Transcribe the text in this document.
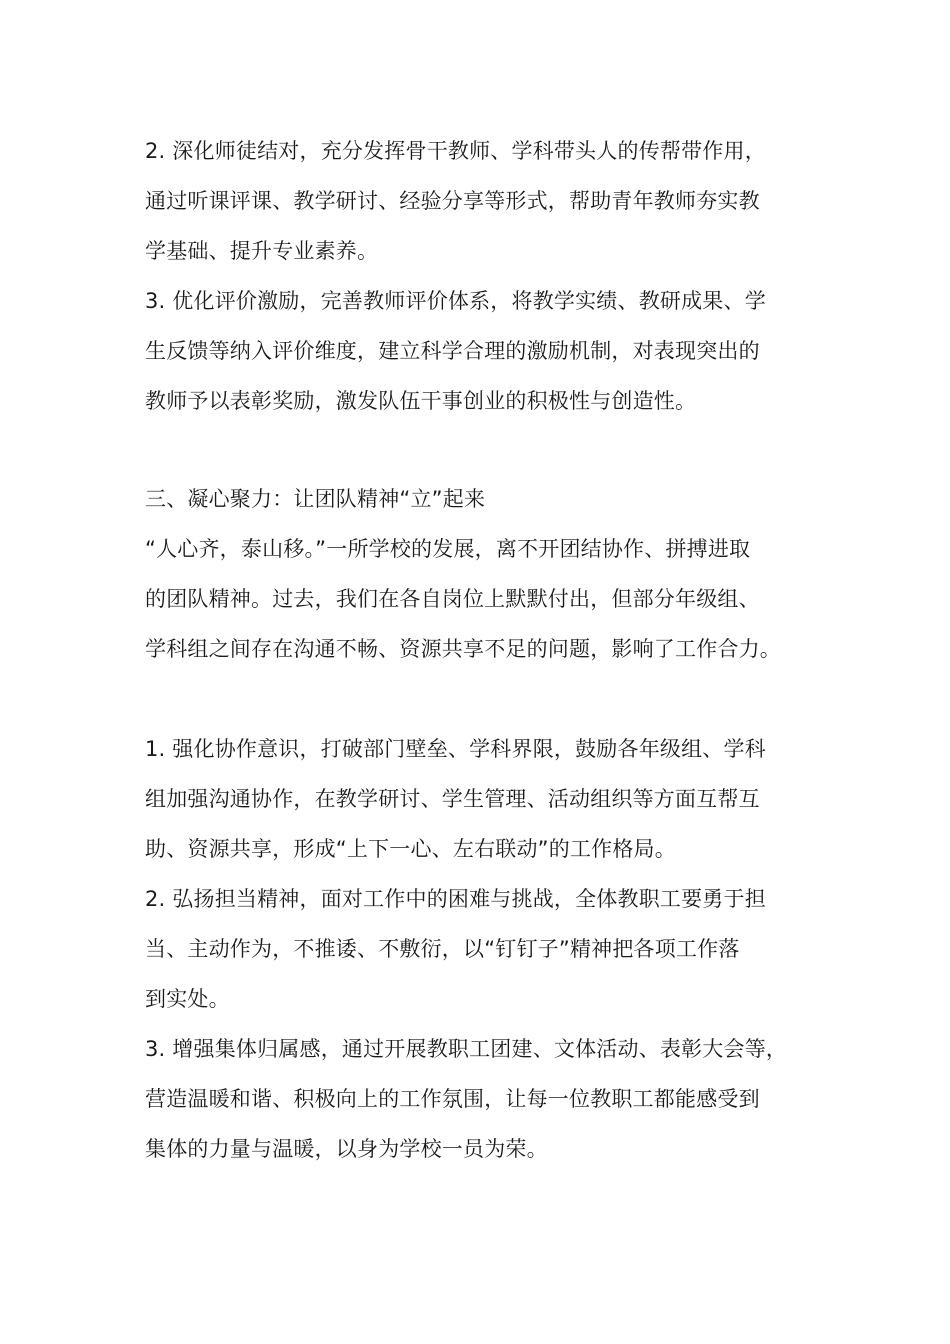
2. 深化师徒结对，充分发挥骨干教师、学科带头人的传帮带作用，
通过听课评课、教学研讨、经验分享等形式，帮助青年教师夯实教
学基础、提升专业素养。
3. 优化评价激励，完善教师评价体系，将教学实绩、教研成果、学
生反馈等纳入评价维度，建立科学合理的激励机制，对表现突出的
教师予以表彰奖励，激发队伍干事创业的积极性与创造性。
三、凝心聚力：让团队精神“立”起来
“人心齐，泰山移。”一所学校的发展，离不开团结协作、拼搏进取
的团队精神。过去，我们在各自岗位上默默付出，但部分年级组、
学科组之间存在沟通不畅、资源共享不足的问题，影响了工作合力。
1. 强化协作意识，打破部门壁垒、学科界限，鼓励各年级组、学科
组加强沟通协作，在教学研讨、学生管理、活动组织等方面互帮互
助、资源共享，形成“上下一心、左右联动”的工作格局。
2. 弘扬担当精神，面对工作中的困难与挑战，全体教职工要勇于担
当、主动作为，不推诿、不敷衍，以“钉钉子”精神把各项工作落
到实处。
3. 增强集体归属感，通过开展教职工团建、文体活动、表彰大会等，
营造温暖和谐、积极向上的工作氛围，让每一位教职工都能感受到
集体的力量与温暖，以身为学校一员为荣。
